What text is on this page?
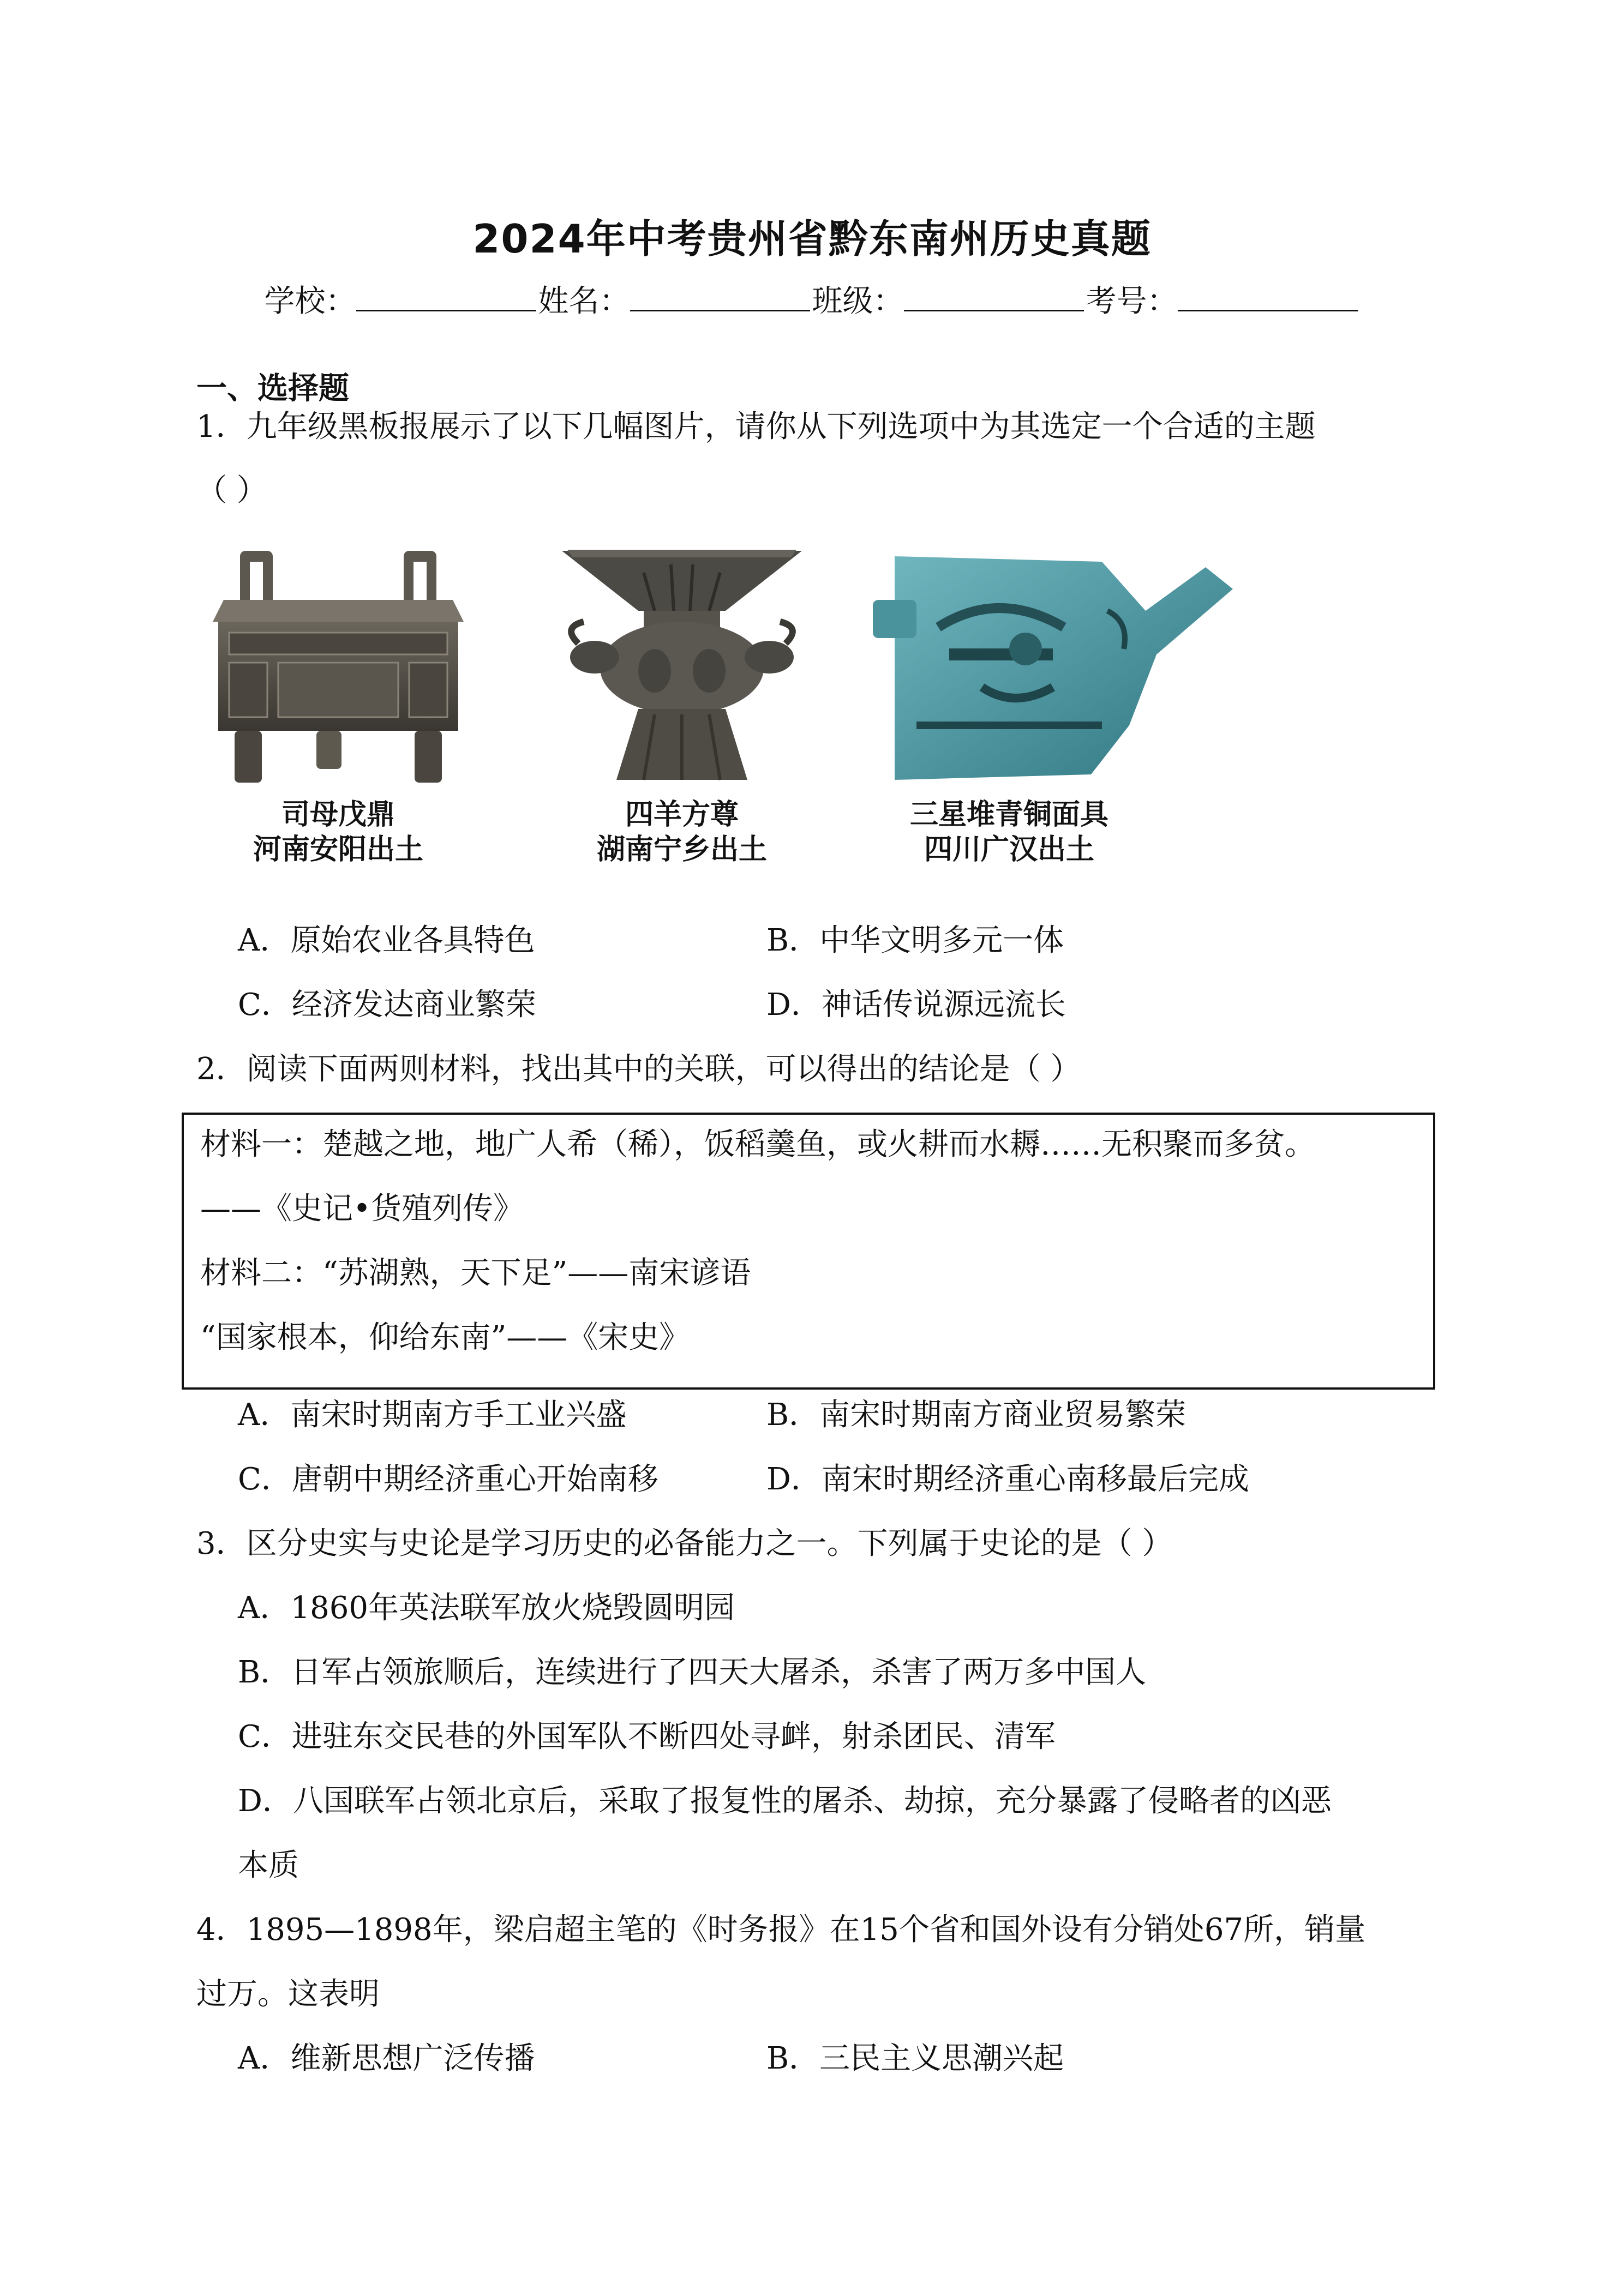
2024年中考贵州省黔东南州历史真题
学校：	姓名：	班级：	考号：
一、选择题
1．九年级黑板报展示了以下几幅图片，请你从下列选项中为其选定一个合适的主题
（ ）
司母戊鼎
河南安阳出土
四羊方尊
湖南宁乡出土
三星堆青铜面具
四川广汉出土
A．原始农业各具特色	B．中华文明多元一体
C．经济发达商业繁荣	D．神话传说源远流长
2．阅读下面两则材料，找出其中的关联，可以得出的结论是（ ）
材料一：楚越之地，地广人希（稀），饭稻羹鱼，或火耕而水耨……无积聚而多贫。
——《史记•货殖列传》
材料二：“苏湖熟，天下足”——南宋谚语
“国家根本，仰给东南”——《宋史》
A．南宋时期南方手工业兴盛	B．南宋时期南方商业贸易繁荣
C．唐朝中期经济重心开始南移	D．南宋时期经济重心南移最后完成
3．区分史实与史论是学习历史的必备能力之一。下列属于史论的是（ ）
A．1860年英法联军放火烧毁圆明园
B．日军占领旅顺后，连续进行了四天大屠杀，杀害了两万多中国人
C．进驻东交民巷的外国军队不断四处寻衅，射杀团民、清军
D．八国联军占领北京后，采取了报复性的屠杀、劫掠，充分暴露了侵略者的凶恶
本质
4．1895—1898年，梁启超主笔的《时务报》在15个省和国外设有分销处67所，销量
过万。这表明
A．维新思想广泛传播	B．三民主义思潮兴起
